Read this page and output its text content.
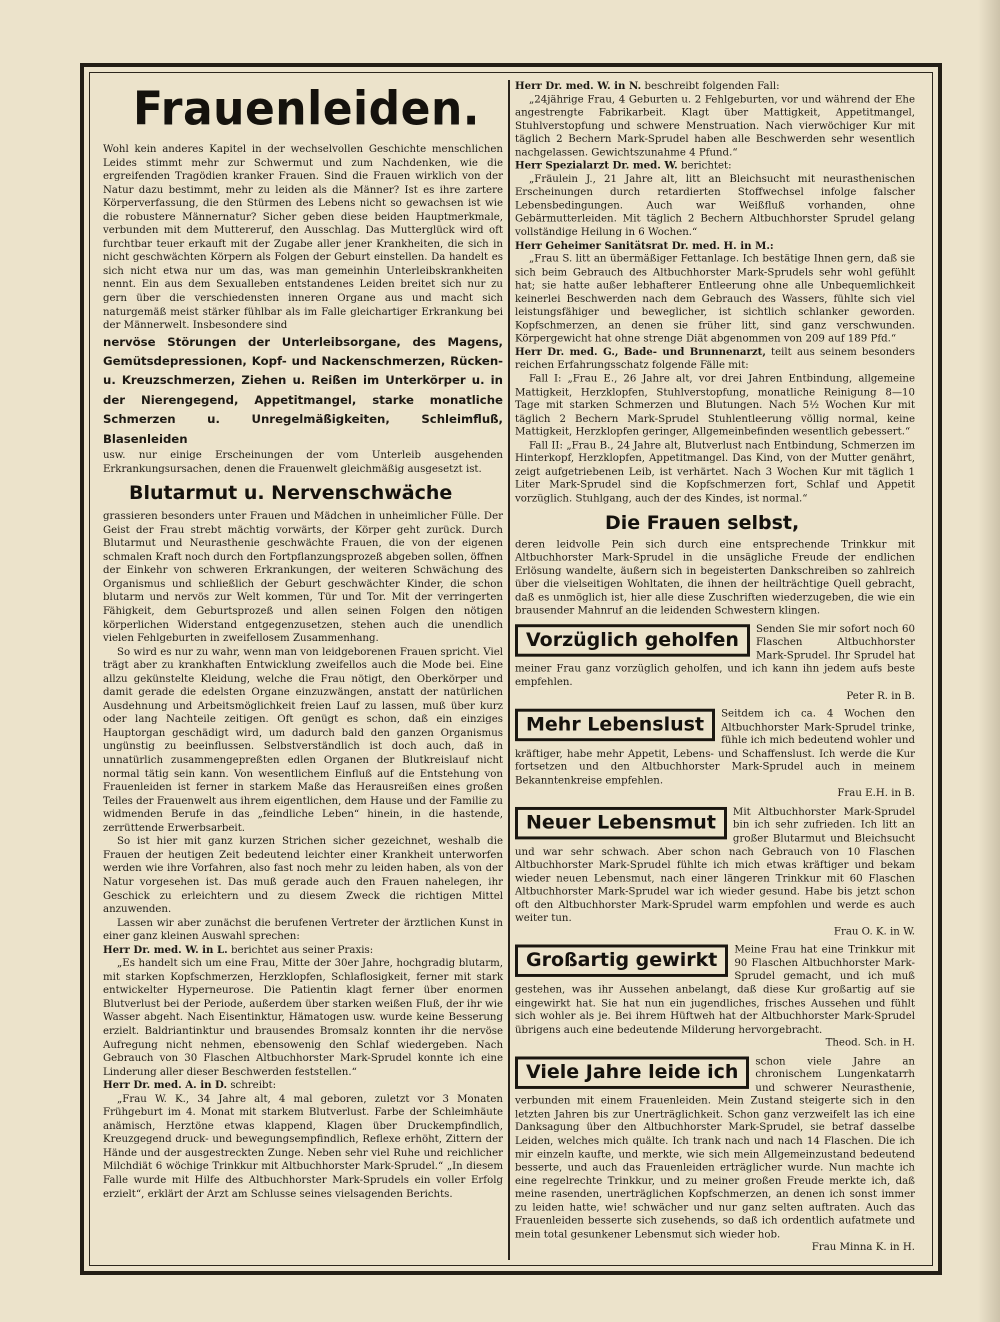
Frauenleiden.

Wohl kein anderes Kapitel in der wechselvollen Geschichte menschlichen Leides stimmt mehr zur Schwermut und zum Nachdenken, wie die ergreifenden Tragödien kranker Frauen. Sind die Frauen wirklich von der Natur dazu bestimmt, mehr zu leiden als die Männer? Ist es ihre zartere Körperverfassung, die den Stürmen des Lebens nicht so gewachsen ist wie die robustere Männernatur? Sicher geben diese beiden Hauptmerkmale, verbunden mit dem Muttereruf, den Ausschlag. Das Mutterglück wird oft furchtbar teuer erkauft mit der Zugabe aller jener Krankheiten, die sich in nicht geschwächten Körpern als Folgen der Geburt einstellen. Da handelt es sich nicht etwa nur um das, was man gemeinhin Unterleibskrankheiten nennt. Ein aus dem Sexualleben entstandenes Leiden breitet sich nur zu gern über die verschiedensten inneren Organe aus und macht sich naturgemäß meist stärker fühlbar als im Falle gleichartiger Erkrankung bei der Männerwelt. Insbesondere sind

nervöse Störungen der Unterleibsorgane, des Magens, Gemütsdepressionen, Kopf- und Nackenschmerzen, Rücken- u. Kreuzschmerzen, Ziehen u. Reißen im Unterkörper u. in der Nierengegend, Appetitmangel, starke monatliche Schmerzen u. Unregelmäßigkeiten, Schleimfluß, Blasenleiden

usw. nur einige Erscheinungen der vom Unterleib ausgehenden Erkrankungsursachen, denen die Frauenwelt gleichmäßig ausgesetzt ist.

Blutarmut u. Nervenschwäche

grassieren besonders unter Frauen und Mädchen in unheimlicher Fülle. Der Geist der Frau strebt mächtig vorwärts, der Körper geht zurück. Durch Blutarmut und Neurasthenie geschwächte Frauen, die von der eigenen schmalen Kraft noch durch den Fortpflanzungsprozeß abgeben sollen, öffnen der Einkehr von schweren Erkrankungen, der weiteren Schwächung des Organismus und schließlich der Geburt geschwächter Kinder, die schon blutarm und nervös zur Welt kommen, Tür und Tor. Mit der verringerten Fähigkeit, dem Geburtsprozeß und allen seinen Folgen den nötigen körperlichen Widerstand entgegenzusetzen, stehen auch die unendlich vielen Fehlgeburten in zweifellosem Zusammenhang.

So wird es nur zu wahr, wenn man von leidgeborenen Frauen spricht. Viel trägt aber zu krankhaften Entwicklung zweifellos auch die Mode bei. Eine allzu gekünstelte Kleidung, welche die Frau nötigt, den Oberkörper und damit gerade die edelsten Organe einzuzwängen, anstatt der natürlichen Ausdehnung und Arbeitsmöglichkeit freien Lauf zu lassen, muß über kurz oder lang Nachteile zeitigen. Oft genügt es schon, daß ein einziges Hauptorgan geschädigt wird, um dadurch bald den ganzen Organismus ungünstig zu beeinflussen. Selbstverständlich ist doch auch, daß in unnatürlich zusammengepreßten edlen Organen der Blutkreislauf nicht normal tätig sein kann. Von wesentlichem Einfluß auf die Entstehung von Frauenleiden ist ferner in starkem Maße das Herausreißen eines großen Teiles der Frauenwelt aus ihrem eigentlichen, dem Hause und der Familie zu widmenden Berufe in das „feindliche Leben“ hinein, in die hastende, zerrüttende Erwerbsarbeit.

So ist hier mit ganz kurzen Strichen sicher gezeichnet, weshalb die Frauen der heutigen Zeit bedeutend leichter einer Krankheit unterworfen werden wie ihre Vorfahren, also fast noch mehr zu leiden haben, als von der Natur vorgesehen ist. Das muß gerade auch den Frauen nahelegen, ihr Geschick zu erleichtern und zu diesem Zweck die richtigen Mittel anzuwenden.

Lassen wir aber zunächst die berufenen Vertreter der ärztlichen Kunst in einer ganz kleinen Auswahl sprechen:

Herr Dr. med. W. in L. berichtet aus seiner Praxis:

„Es handelt sich um eine Frau, Mitte der 30er Jahre, hochgradig blutarm, mit starken Kopfschmerzen, Herzklopfen, Schlaflosigkeit, ferner mit stark entwickelter Hyperneurose. Die Patientin klagt ferner über enormen Blutverlust bei der Periode, außerdem über starken weißen Fluß, der ihr wie Wasser abgeht. Nach Eisentinktur, Hämatogen usw. wurde keine Besserung erzielt. Baldriantinktur und brausendes Bromsalz konnten ihr die nervöse Aufregung nicht nehmen, ebensowenig den Schlaf wiedergeben. Nach Gebrauch von 30 Flaschen Altbuchhorster Mark-Sprudel konnte ich eine Linderung aller dieser Beschwerden feststellen.“

Herr Dr. med. A. in D. schreibt:

„Frau W. K., 34 Jahre alt, 4 mal geboren, zuletzt vor 3 Monaten Frühgeburt im 4. Monat mit starkem Blutverlust. Farbe der Schleimhäute anämisch, Herztöne etwas klappend, Klagen über Druckempfindlich, Kreuzgegend druck- und bewegungsempfindlich, Reflexe erhöht, Zittern der Hände und der ausgestreckten Zunge. Neben sehr viel Ruhe und reichlicher Milchdiät 6 wöchige Trinkkur mit Altbuchhorster Mark-Sprudel.“ „In diesem Falle wurde mit Hilfe des Altbuchhorster Mark-Sprudels ein voller Erfolg erzielt“, erklärt der Arzt am Schlusse seines vielsagenden Berichts.

Herr Dr. med. W. in N. beschreibt folgenden Fall:

„24jährige Frau, 4 Geburten u. 2 Fehlgeburten, vor und während der Ehe angestrengte Fabrikarbeit. Klagt über Mattigkeit, Appetitmangel, Stuhlverstopfung und schwere Menstruation. Nach vierwöchiger Kur mit täglich 2 Bechern Mark-Sprudel haben alle Beschwerden sehr wesentlich nachgelassen. Gewichtszunahme 4 Pfund.“

Herr Spezialarzt Dr. med. W. berichtet:

„Fräulein J., 21 Jahre alt, litt an Bleichsucht mit neurasthenischen Erscheinungen durch retardierten Stoffwechsel infolge falscher Lebensbedingungen. Auch war Weißfluß vorhanden, ohne Gebärmutterleiden. Mit täglich 2 Bechern Altbuchhorster Sprudel gelang vollständige Heilung in 6 Wochen.“

Herr Geheimer Sanitätsrat Dr. med. H. in M.:

„Frau S. litt an übermäßiger Fettanlage. Ich bestätige Ihnen gern, daß sie sich beim Gebrauch des Altbuchhorster Mark-Sprudels sehr wohl gefühlt hat; sie hatte außer lebhafterer Entleerung ohne alle Unbequemlichkeit keinerlei Beschwerden nach dem Gebrauch des Wassers, fühlte sich viel leistungsfähiger und beweglicher, ist sichtlich schlanker geworden. Kopfschmerzen, an denen sie früher litt, sind ganz verschwunden. Körpergewicht hat ohne strenge Diät abgenommen von 209 auf 189 Pfd.“

Herr Dr. med. G., Bade- und Brunnenarzt, teilt aus seinem besonders reichen Erfahrungsschatz folgende Fälle mit:

Fall I: „Frau E., 26 Jahre alt, vor drei Jahren Entbindung, allgemeine Mattigkeit, Herzklopfen, Stuhlverstopfung, monatliche Reinigung 8—10 Tage mit starken Schmerzen und Blutungen. Nach 5½ Wochen Kur mit täglich 2 Bechern Mark-Sprudel Stuhlentleerung völlig normal, keine Mattigkeit, Herzklopfen geringer, Allgemeinbefinden wesentlich gebessert.“

Fall II: „Frau B., 24 Jahre alt, Blutverlust nach Entbindung, Schmerzen im Hinterkopf, Herzklopfen, Appetitmangel. Das Kind, von der Mutter genährt, zeigt aufgetriebenen Leib, ist verhärtet. Nach 3 Wochen Kur mit täglich 1 Liter Mark-Sprudel sind die Kopfschmerzen fort, Schlaf und Appetit vorzüglich. Stuhlgang, auch der des Kindes, ist normal.“

Die Frauen selbst,

deren leidvolle Pein sich durch eine entsprechende Trinkkur mit Altbuchhorster Mark-Sprudel in die unsägliche Freude der endlichen Erlösung wandelte, äußern sich in begeisterten Dankschreiben so zahlreich über die vielseitigen Wohltaten, die ihnen der heilträchtige Quell gebracht, daß es unmöglich ist, hier alle diese Zuschriften wiederzugeben, die wie ein brausender Mahnruf an die leidenden Schwestern klingen.

Vorzüglich geholfen	Senden Sie mir sofort noch 60 Flaschen Altbuchhorster Mark-Sprudel. Ihr Sprudel hat meiner Frau ganz vorzüglich geholfen, und ich kann ihn jedem aufs beste empfehlen.

Peter R. in B.

Mehr Lebenslust	Seitdem ich ca. 4 Wochen den Altbuchhorster Mark-Sprudel trinke, fühle ich mich bedeutend wohler und kräftiger, habe mehr Appetit, Lebens- und Schaffenslust. Ich werde die Kur fortsetzen und den Altbuchhorster Mark-Sprudel auch in meinem Bekanntenkreise empfehlen.

Frau E.H. in B.

Neuer Lebensmut	Mit Altbuchhorster Mark-Sprudel bin ich sehr zufrieden. Ich litt an großer Blutarmut und Bleichsucht und war sehr schwach. Aber schon nach Gebrauch von 10 Flaschen Altbuchhorster Mark-Sprudel fühlte ich mich etwas kräftiger und bekam wieder neuen Lebensmut, nach einer längeren Trinkkur mit 60 Flaschen Altbuchhorster Mark-Sprudel war ich wieder gesund. Habe bis jetzt schon oft den Altbuchhorster Mark-Sprudel warm empfohlen und werde es auch weiter tun.

Frau O. K. in W.

Großartig gewirkt	Meine Frau hat eine Trinkkur mit 90 Flaschen Altbuchhorster Mark-Sprudel gemacht, und ich muß gestehen, was ihr Aussehen anbelangt, daß diese Kur großartig auf sie eingewirkt hat. Sie hat nun ein jugendliches, frisches Aussehen und fühlt sich wohler als je. Bei ihrem Hüftweh hat der Altbuchhorster Mark-Sprudel übrigens auch eine bedeutende Milderung hervorgebracht.

Theod. Sch. in H.

Viele Jahre leide ich	schon viele Jahre an chronischem Lungenkatarrh und schwerer Neurasthenie, verbunden mit einem Frauenleiden. Mein Zustand steigerte sich in den letzten Jahren bis zur Unerträglichkeit. Schon ganz verzweifelt las ich eine Danksagung über den Altbuchhorster Mark-Sprudel, sie betraf dasselbe Leiden, welches mich quälte. Ich trank nach und nach 14 Flaschen. Die ich mir einzeln kaufte, und merkte, wie sich mein Allgemeinzustand bedeutend besserte, und auch das Frauenleiden erträglicher wurde. Nun machte ich eine regelrechte Trinkkur, und zu meiner großen Freude merkte ich, daß meine rasenden, unerträglichen Kopfschmerzen, an denen ich sonst immer zu leiden hatte, wie! schwächer und nur ganz selten auftraten. Auch das Frauenleiden besserte sich zusehends, so daß ich ordentlich aufatmete und mein total gesunkener Lebensmut sich wieder hob.

Frau Minna K. in H.
